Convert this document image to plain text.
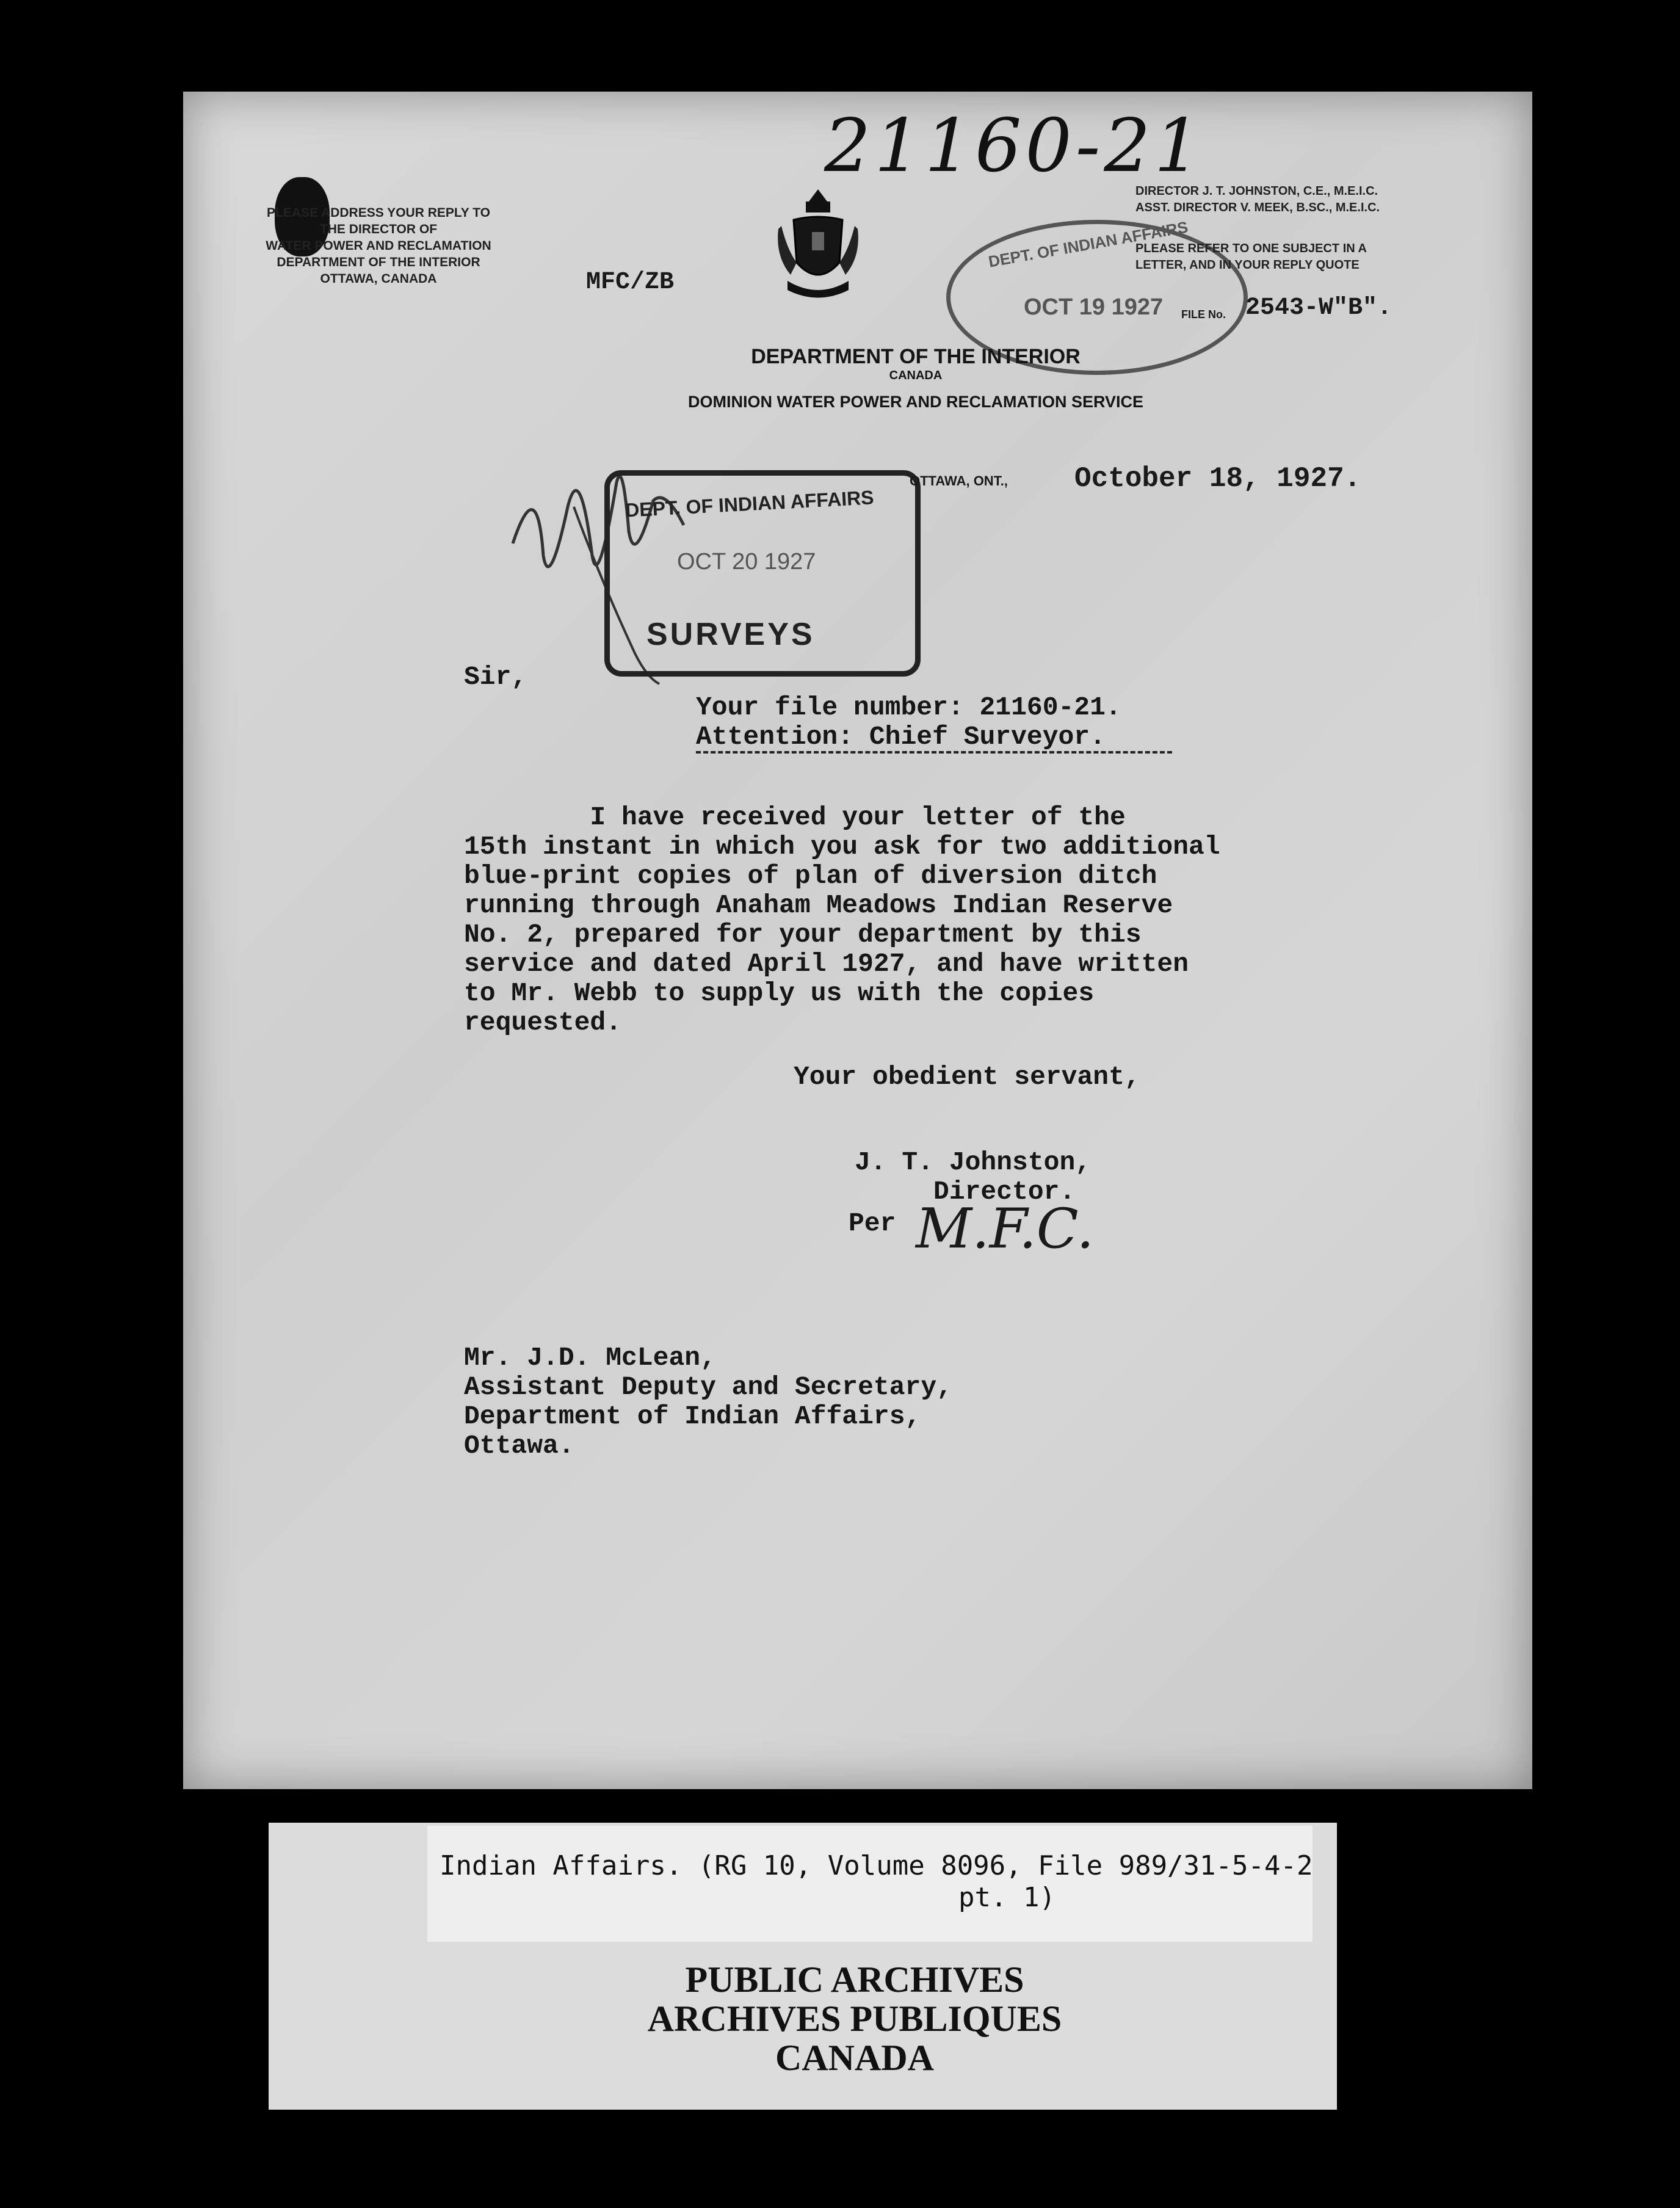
21160-21
PLEASE ADDRESS YOUR REPLY TO
THE DIRECTOR OF
WATER POWER AND RECLAMATION
DEPARTMENT OF THE INTERIOR
OTTAWA, CANADA	MFC/ZB
DEPT. OF INDIAN AFFAIRS
OCT 19 1927
DIRECTOR J. T. JOHNSTON, C.E., M.E.I.C.
ASST. DIRECTOR V. MEEK, B.SC., M.E.I.C.
PLEASE REFER TO ONE SUBJECT IN A
LETTER, AND IN YOUR REPLY QUOTE
FILE No. 2543-W"B".
DEPARTMENT OF THE INTERIOR
CANADA
DOMINION WATER POWER AND RECLAMATION SERVICE
DEPT. OF INDIAN AFFAIRS
OCT 20 1927
SURVEYS
OTTAWA, ONT., October 18, 1927.
Sir,
Your file number: 21160-21.
Attention: Chief Surveyor.
I have received your letter of the
15th instant in which you ask for two additional
blue-print copies of plan of diversion ditch
running through Anaham Meadows Indian Reserve
No. 2, prepared for your department by this
service and dated April 1927, and have written
to Mr. Webb to supply us with the copies
requested.
Your obedient servant,
J. T. Johnston,
Director.
Per M.F.C.
Mr. J.D. McLean,
Assistant Deputy and Secretary,
Department of Indian Affairs,
Ottawa.
Indian Affairs. (RG 10, Volume 8096, File 989/31-5-4-2
pt. 1)
PUBLIC ARCHIVES
ARCHIVES PUBLIQUES
CANADA
